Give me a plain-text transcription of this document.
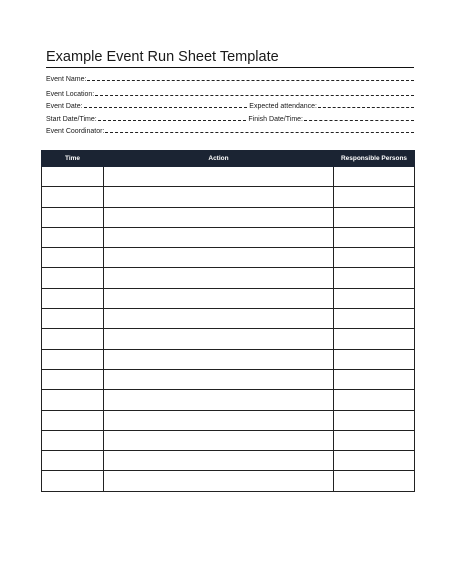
Example Event Run Sheet Template
Event Name:
Event Location:
Event Date:	Expected attendance:
Start Date/Time:	Finish Date/Time:
Event Coordinator:
Time	Action	Responsible Persons
